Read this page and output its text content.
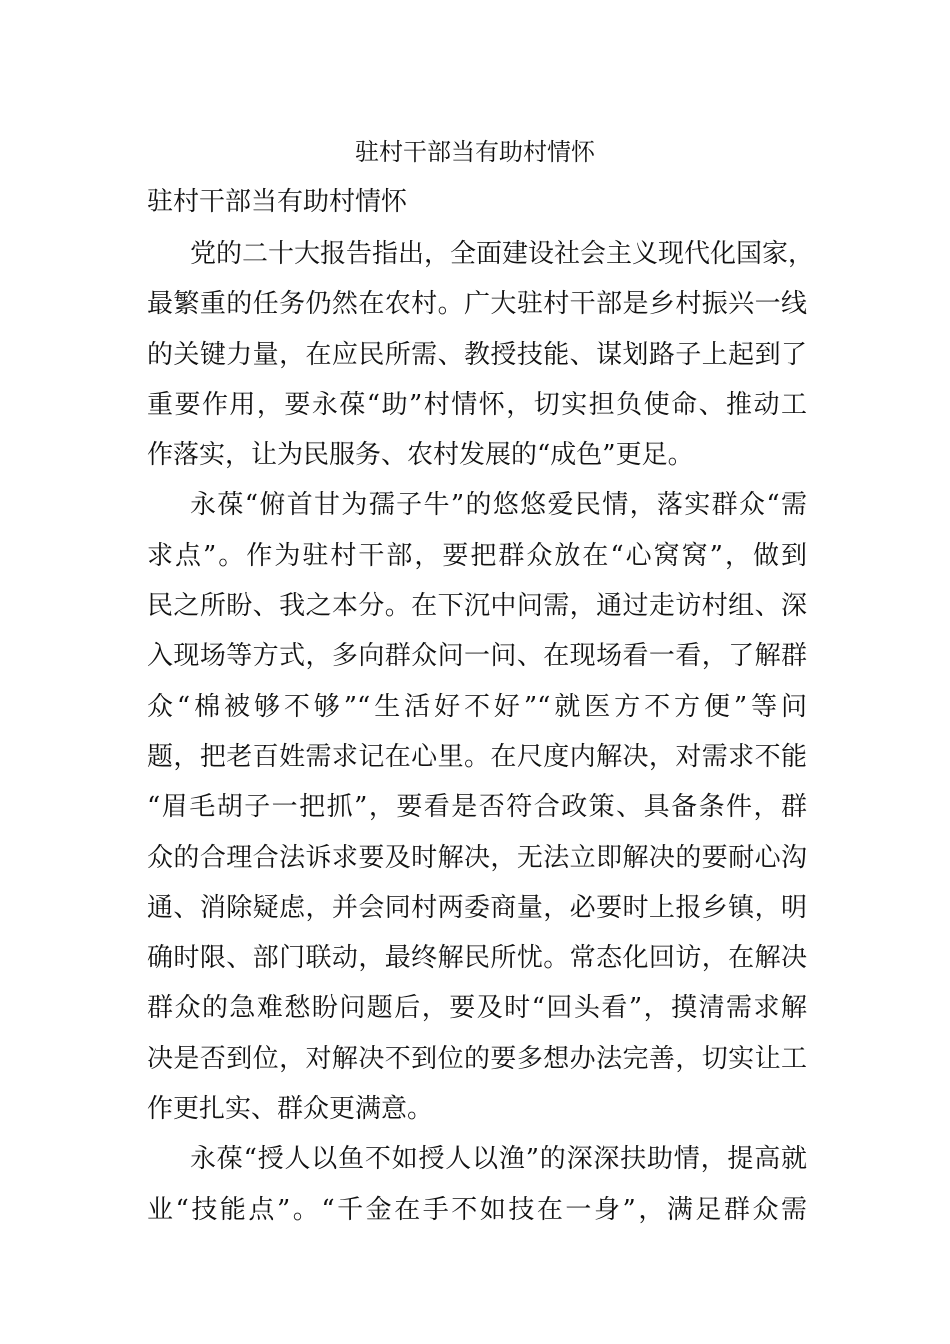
驻村干部当有助村情怀
驻村干部当有助村情怀
党的二十大报告指出，全面建设社会主义现代化国家，
最繁重的任务仍然在农村。广大驻村干部是乡村振兴一线
的关键力量，在应民所需、教授技能、谋划路子上起到了
重要作用，要永葆“助”村情怀，切实担负使命、推动工
作落实，让为民服务、农村发展的“成色”更足。
永葆“俯首甘为孺子牛”的悠悠爱民情，落实群众“需
求点”。作为驻村干部，要把群众放在“心窝窝”，做到
民之所盼、我之本分。在下沉中问需，通过走访村组、深
入现场等方式，多向群众问一问、在现场看一看，了解群
众“棉被够不够”“生活好不好”“就医方不方便”等问
题，把老百姓需求记在心里。在尺度内解决，对需求不能
“眉毛胡子一把抓”，要看是否符合政策、具备条件，群
众的合理合法诉求要及时解决，无法立即解决的要耐心沟
通、消除疑虑，并会同村两委商量，必要时上报乡镇，明
确时限、部门联动，最终解民所忧。常态化回访，在解决
群众的急难愁盼问题后，要及时“回头看”，摸清需求解
决是否到位，对解决不到位的要多想办法完善，切实让工
作更扎实、群众更满意。
永葆“授人以鱼不如授人以渔”的深深扶助情，提高就
业“技能点”。“千金在手不如技在一身”，满足群众需
